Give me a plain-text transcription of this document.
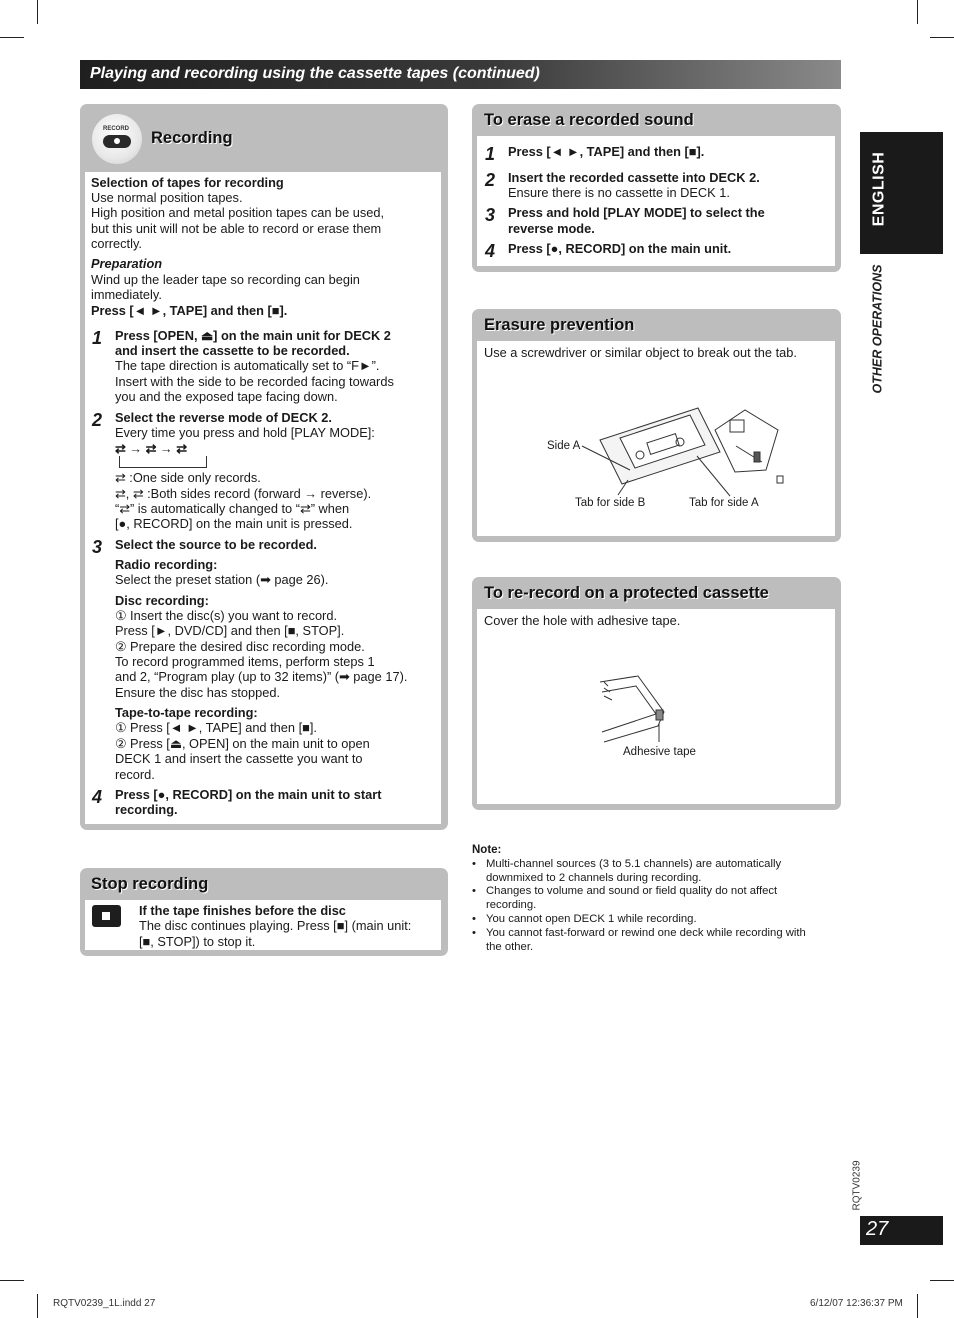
Playing and recording using the cassette tapes (continued)
ENGLISH
OTHER OPERATIONS
RECORD Recording
Selection of tapes for recording
Use normal position tapes.
High position and metal position tapes can be used,
but this unit will not be able to record or erase them
correctly.
Preparation
Wind up the leader tape so recording can begin
immediately.
Press [◄ ►, TAPE] and then [■].
1 Press [OPEN, ⏏] on the main unit for DECK 2
and insert the cassette to be recorded.
The tape direction is automatically set to “F►”.
Insert with the side to be recorded facing towards
you and the exposed tape facing down.
2 Select the reverse mode of DECK 2.
Every time you press and hold [PLAY MODE]:
⇄ → ⇄ → ⇄
⇄ :One side only records.
⇄, ⇄ :Both sides record (forward → reverse).
“⇄” is automatically changed to “⇄” when
[●, RECORD] on the main unit is pressed.
3 Select the source to be recorded.
Radio recording:
Select the preset station (➡ page 26).
Disc recording:
① Insert the disc(s) you want to record.
Press [►, DVD/CD] and then [■, STOP].
② Prepare the desired disc recording mode.
To record programmed items, perform steps 1
and 2, “Program play (up to 32 items)” (➡ page 17).
Ensure the disc has stopped.
Tape-to-tape recording:
① Press [◄ ►, TAPE] and then [■].
② Press [⏏, OPEN] on the main unit to open
DECK 1 and insert the cassette you want to
record.
4 Press [●, RECORD] on the main unit to start
recording.
Stop recording
If the tape finishes before the disc
The disc continues playing. Press [■] (main unit:
[■, STOP]) to stop it.
To erase a recorded sound
1 Press [◄ ►, TAPE] and then [■].
2 Insert the recorded cassette into DECK 2.
Ensure there is no cassette in DECK 1.
3 Press and hold [PLAY MODE] to select the
reverse mode.
4 Press [●, RECORD] on the main unit.
Erasure prevention
Use a screwdriver or similar object to break out the tab.
Side A
Tab for side B	Tab for side A
To re-record on a protected cassette
Cover the hole with adhesive tape.
Adhesive tape
Note:
• Multi-channel sources (3 to 5.1 channels) are automatically
downmixed to 2 channels during recording.
• Changes to volume and sound or field quality do not affect
recording.
• You cannot open DECK 1 while recording.
• You cannot fast-forward or rewind one deck while recording with
the other.
RQTV0239
27
RQTV0239_1L.indd 27	6/12/07 12:36:37 PM
